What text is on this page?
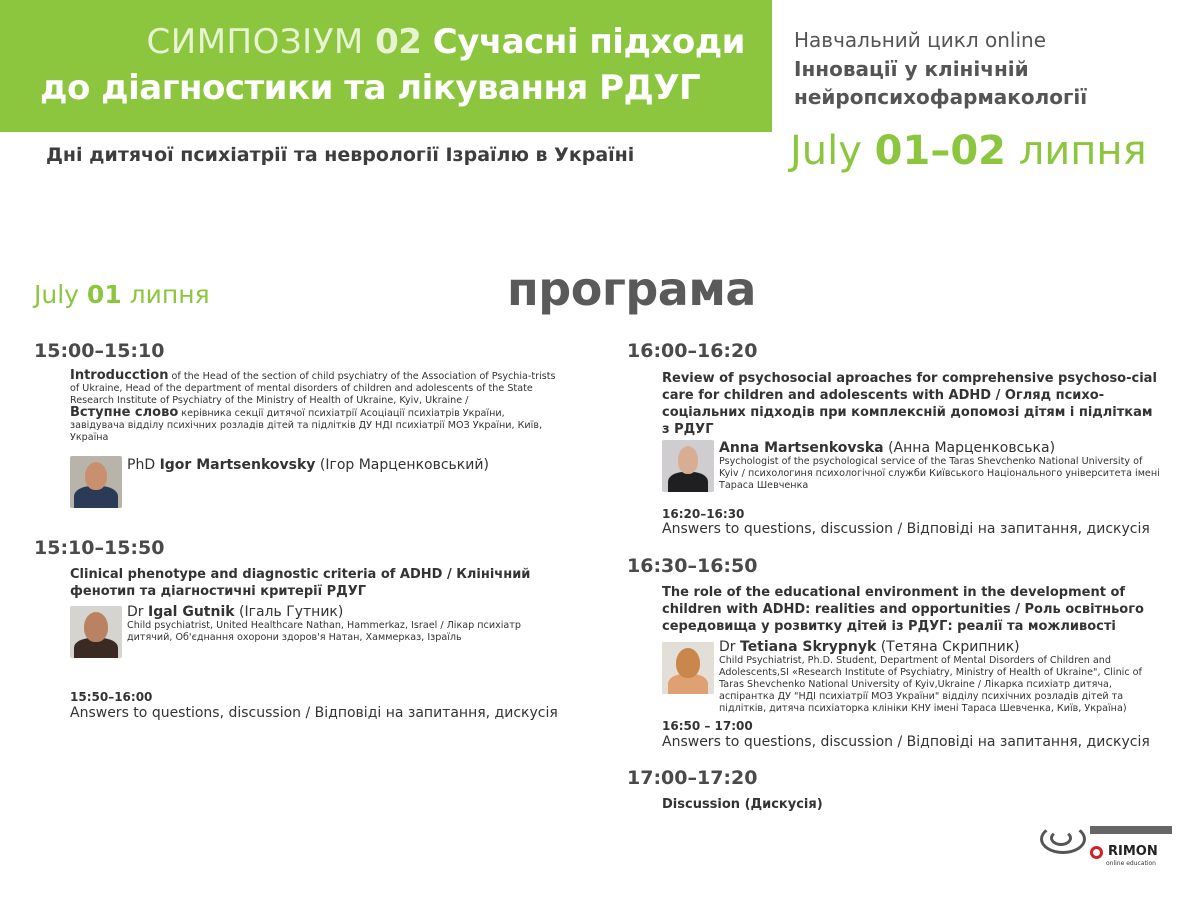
СИМПОЗІУМ 02 Сучасні підходи
до діагностики та лікування РДУГ
Дні дитячої психіатрії та неврології Ізраїлю в Україні
Навчальний цикл online
Інновації у клінічній
нейропсихофармакології
July 01–02 липня
July 01 липня	програма
15:00–15:10
Introducction of the Head of the section of child psychiatry of the Association of Psychia-trists of Ukraine, Head of the department of mental disorders of children and adolescents of the State Research Institute of Psychiatry of the Ministry of Health of Ukraine, Kyiv, Ukraine /
Вступне слово керівника секції дитячої психіатрії Асоціації психіатрів України, завідувача відділу психічних розладів дітей та підлітків ДУ НДІ психіатрії МОЗ України, Київ, Україна
PhD Igor Martsenkovsky (Ігор Марценковський)
15:10–15:50
Clinical phenotype and diagnostic criteria of ADHD / Клінічний фенотип та діагностичні критерії РДУГ
Dr Igal Gutnik (Ігаль Гутник)
Child psychiatrist, United Healthcare Nathan, Hammerkaz, Israel / Лікар психіатр дитячий, Об'єднання охорони здоров'я Натан, Хаммерказ, Ізраїль
15:50–16:00
Answers to questions, discussion / Відповіді на запитання, дискусія
16:00–16:20
Review of psychosocial aproaches for comprehensive psychoso-cial care for children and adolescents with ADHD / Огляд психо-соціальних підходів при комплексній допомозі дітям і підліткам з РДУГ
Anna Martsenkovska (Анна Марценковська)
Psychologist of the psychological service of the Taras Shevchenko National University of Kyiv / психологиня психологічної служби Київського Національного університета імені Тараса Шевченка
16:20–16:30
Answers to questions, discussion / Відповіді на запитання, дискусія
16:30–16:50
The role of the educational environment in the development of children with ADHD: realities and opportunities / Роль освітнього середовища у розвитку дітей із РДУГ: реалії та можливості
Dr Tetiana Skrypnyk (Тетяна Скрипник)
Child Psychiatrist, Ph.D. Student, Department of Mental Disorders of Children and Adolescents,SI «Research Institute of Psychiatry, Ministry of Health of Ukraine", Clinic of Taras Shevchenko National University of Kyiv,Ukraine / Лікарка психіатр дитяча, аспірантка ДУ "НДІ психіатрії МОЗ України" відділу психічних розладів дітей та підлітків, дитяча психіаторка клініки КНУ імені Тараса Шевченка, Київ, Україна)
16:50 – 17:00
Answers to questions, discussion / Відповіді на запитання, дискусія
17:00–17:20
Discussion (Дискусія)
RIMON
online education
